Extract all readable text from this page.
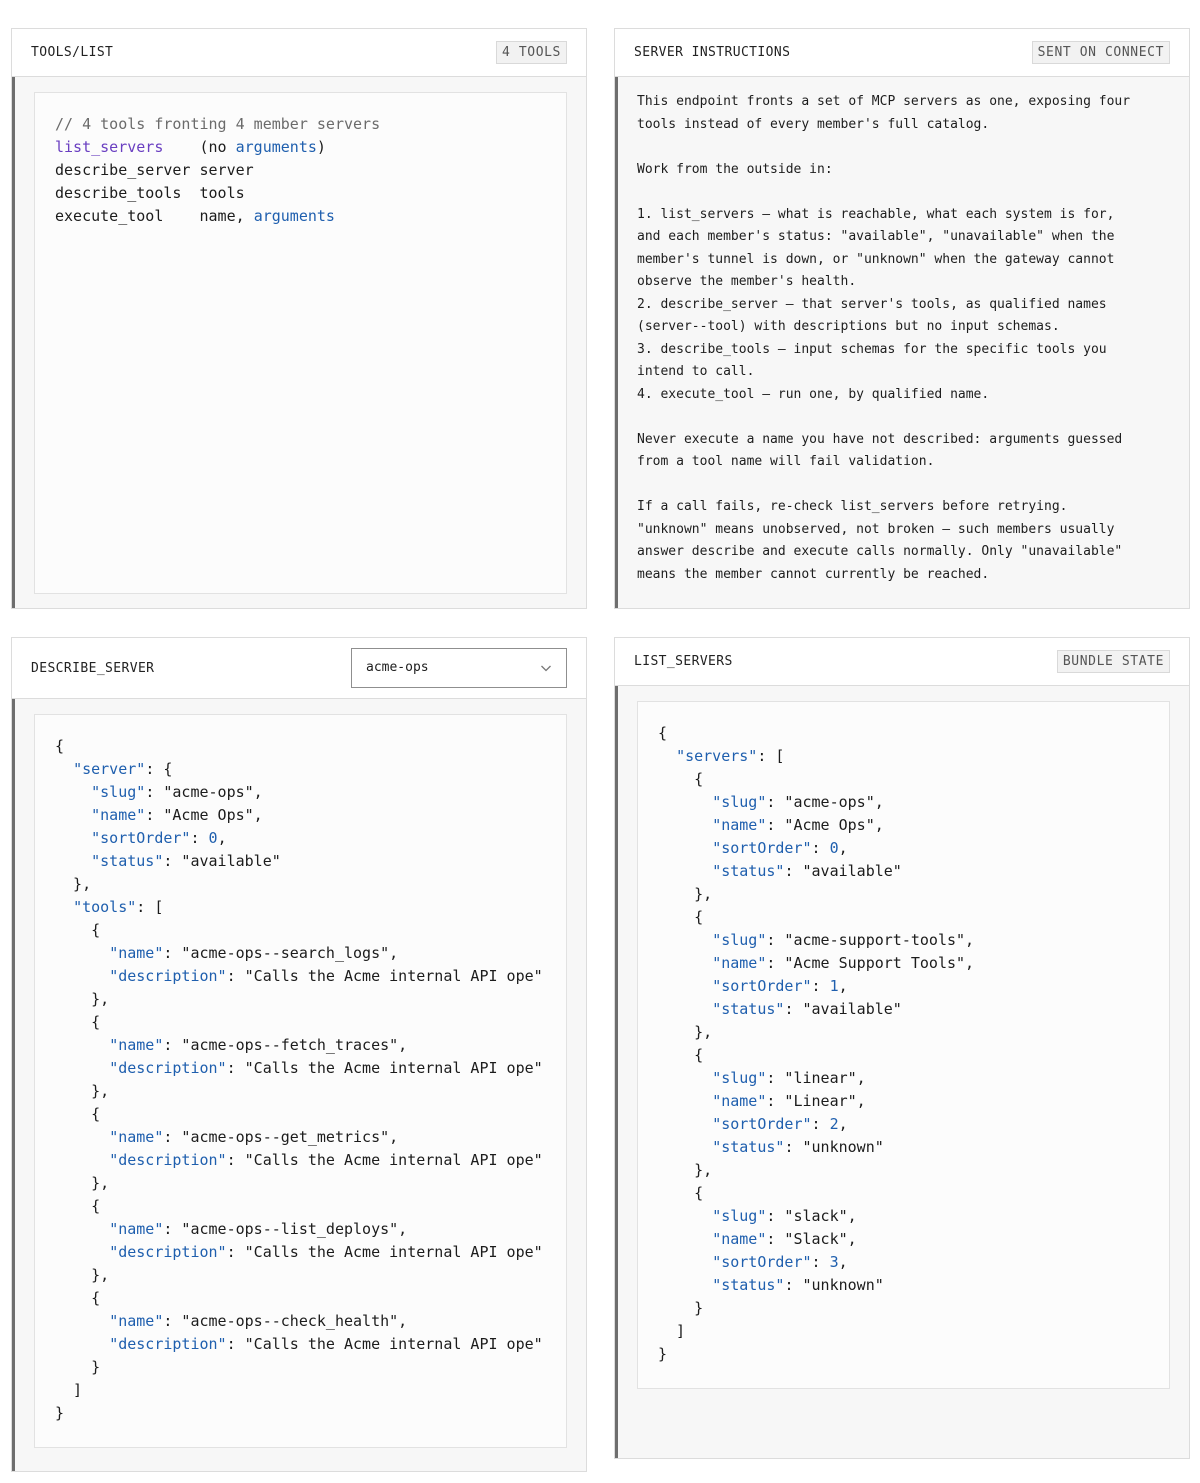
TOOLS/LIST	4 TOOLS
// 4 tools fronting 4 member servers
list_servers (no arguments)
describe_server server
describe_tools tools
execute_tool name, arguments
SERVER INSTRUCTIONS	SENT ON CONNECT
This endpoint fronts a set of MCP servers as one, exposing four
tools instead of every member's full catalog.

Work from the outside in:

1. list_servers — what is reachable, what each system is for,
and each member's status: "available", "unavailable" when the
member's tunnel is down, or "unknown" when the gateway cannot
observe the member's health.
2. describe_server — that server's tools, as qualified names
(server--tool) with descriptions but no input schemas.
3. describe_tools — input schemas for the specific tools you
intend to call.
4. execute_tool — run one, by qualified name.

Never execute a name you have not described: arguments guessed
from a tool name will fail validation.

If a call fails, re-check list_servers before retrying.
"unknown" means unobserved, not broken — such members usually
answer describe and execute calls normally. Only "unavailable"
means the member cannot currently be reached.
DESCRIBE_SERVER	acme-ops
{
"server": {
"slug": "acme-ops",
"name": "Acme Ops",
"sortOrder": 0,
"status": "available"
},
"tools": [
{
"name": "acme-ops--search_logs",
"description": "Calls the Acme internal API ope"
},
{
"name": "acme-ops--fetch_traces",
"description": "Calls the Acme internal API ope"
},
{
"name": "acme-ops--get_metrics",
"description": "Calls the Acme internal API ope"
},
{
"name": "acme-ops--list_deploys",
"description": "Calls the Acme internal API ope"
},
{
"name": "acme-ops--check_health",
"description": "Calls the Acme internal API ope"
}
]
}
LIST_SERVERS	BUNDLE STATE
{
"servers": [
{
"slug": "acme-ops",
"name": "Acme Ops",
"sortOrder": 0,
"status": "available"
},
{
"slug": "acme-support-tools",
"name": "Acme Support Tools",
"sortOrder": 1,
"status": "available"
},
{
"slug": "linear",
"name": "Linear",
"sortOrder": 2,
"status": "unknown"
},
{
"slug": "slack",
"name": "Slack",
"sortOrder": 3,
"status": "unknown"
}
]
}
